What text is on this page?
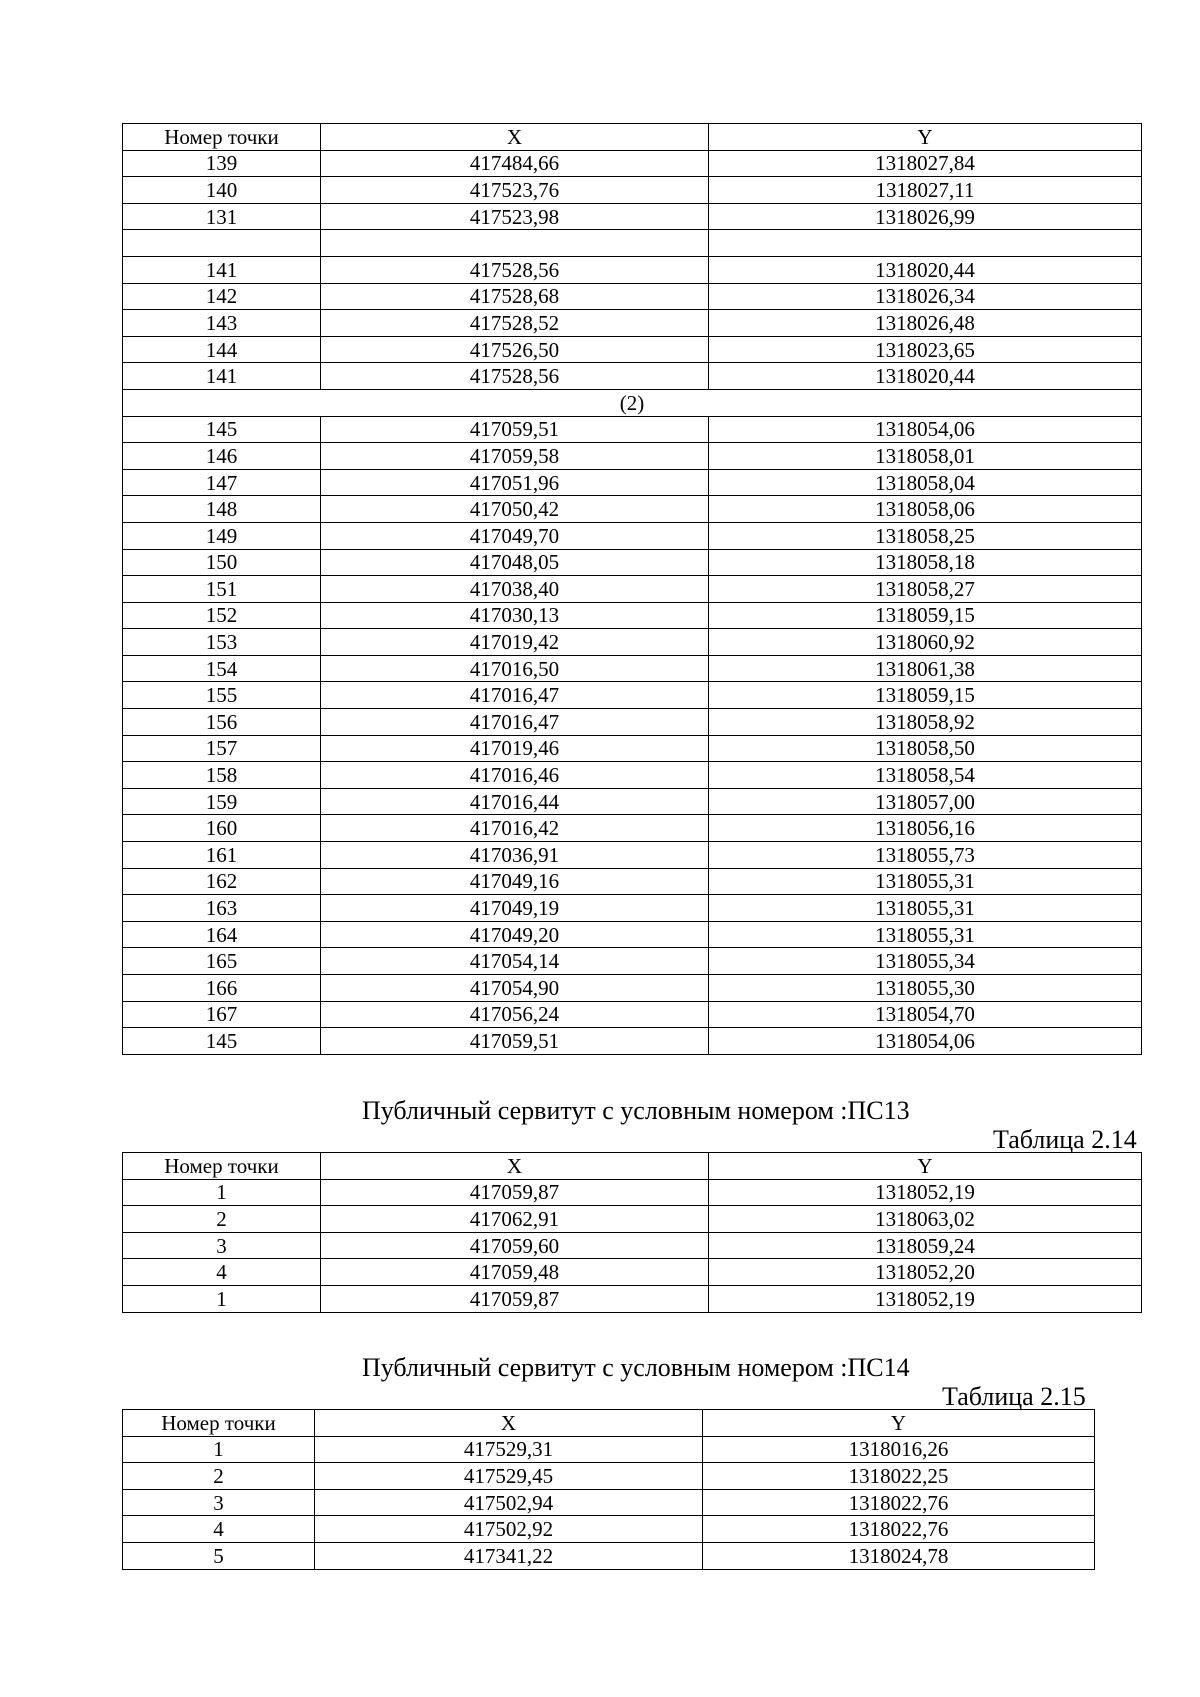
Номер точки	X	Y
139	417484,66	1318027,84
140	417523,76	1318027,11
131	417523,98	1318026,99

141	417528,56	1318020,44
142	417528,68	1318026,34
143	417528,52	1318026,48
144	417526,50	1318023,65
141	417528,56	1318020,44
(2)		
145	417059,51	1318054,06
146	417059,58	1318058,01
147	417051,96	1318058,04
148	417050,42	1318058,06
149	417049,70	1318058,25
150	417048,05	1318058,18
151	417038,40	1318058,27
152	417030,13	1318059,15
153	417019,42	1318060,92
154	417016,50	1318061,38
155	417016,47	1318059,15
156	417016,47	1318058,92
157	417019,46	1318058,50
158	417016,46	1318058,54
159	417016,44	1318057,00
160	417016,42	1318056,16
161	417036,91	1318055,73
162	417049,16	1318055,31
163	417049,19	1318055,31
164	417049,20	1318055,31
165	417054,14	1318055,34
166	417054,90	1318055,30
167	417056,24	1318054,70
145	417059,51	1318054,06
Публичный сервитут с условным номером :ПС13
Таблица 2.14
Номер точки	X	Y
1	417059,87	1318052,19
2	417062,91	1318063,02
3	417059,60	1318059,24
4	417059,48	1318052,20
1	417059,87	1318052,19
Публичный сервитут с условным номером :ПС14
Таблица 2.15
Номер точки	X	Y
1	417529,31	1318016,26
2	417529,45	1318022,25
3	417502,94	1318022,76
4	417502,92	1318022,76
5	417341,22	1318024,78
